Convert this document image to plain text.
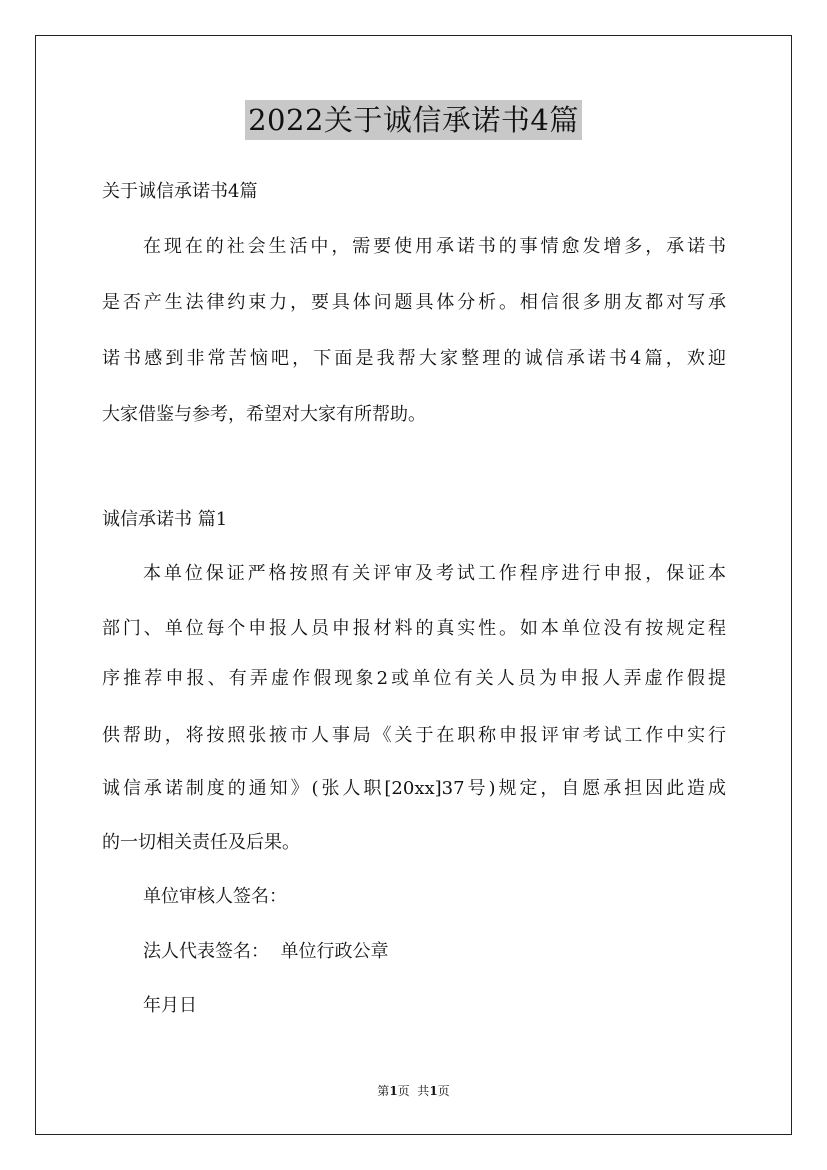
2022关于诚信承诺书4篇
关于诚信承诺书4篇
在现在的社会生活中，需要使用承诺书的事情愈发增多，承诺书
是否产生法律约束力，要具体问题具体分析。相信很多朋友都对写承
诺书感到非常苦恼吧，下面是我帮大家整理的诚信承诺书4篇，欢迎
大家借鉴与参考，希望对大家有所帮助。
诚信承诺书 篇1
本单位保证严格按照有关评审及考试工作程序进行申报，保证本
部门、单位每个申报人员申报材料的真实性。如本单位没有按规定程
序推荐申报、有弄虚作假现象2或单位有关人员为申报人弄虚作假提
供帮助，将按照张掖市人事局《关于在职称申报评审考试工作中实行
诚信承诺制度的通知》(张人职[20xx]37号)规定，自愿承担因此造成
的一切相关责任及后果。
单位审核人签名：
法人代表签名：  单位行政公章
年月日
第1页  共1页
